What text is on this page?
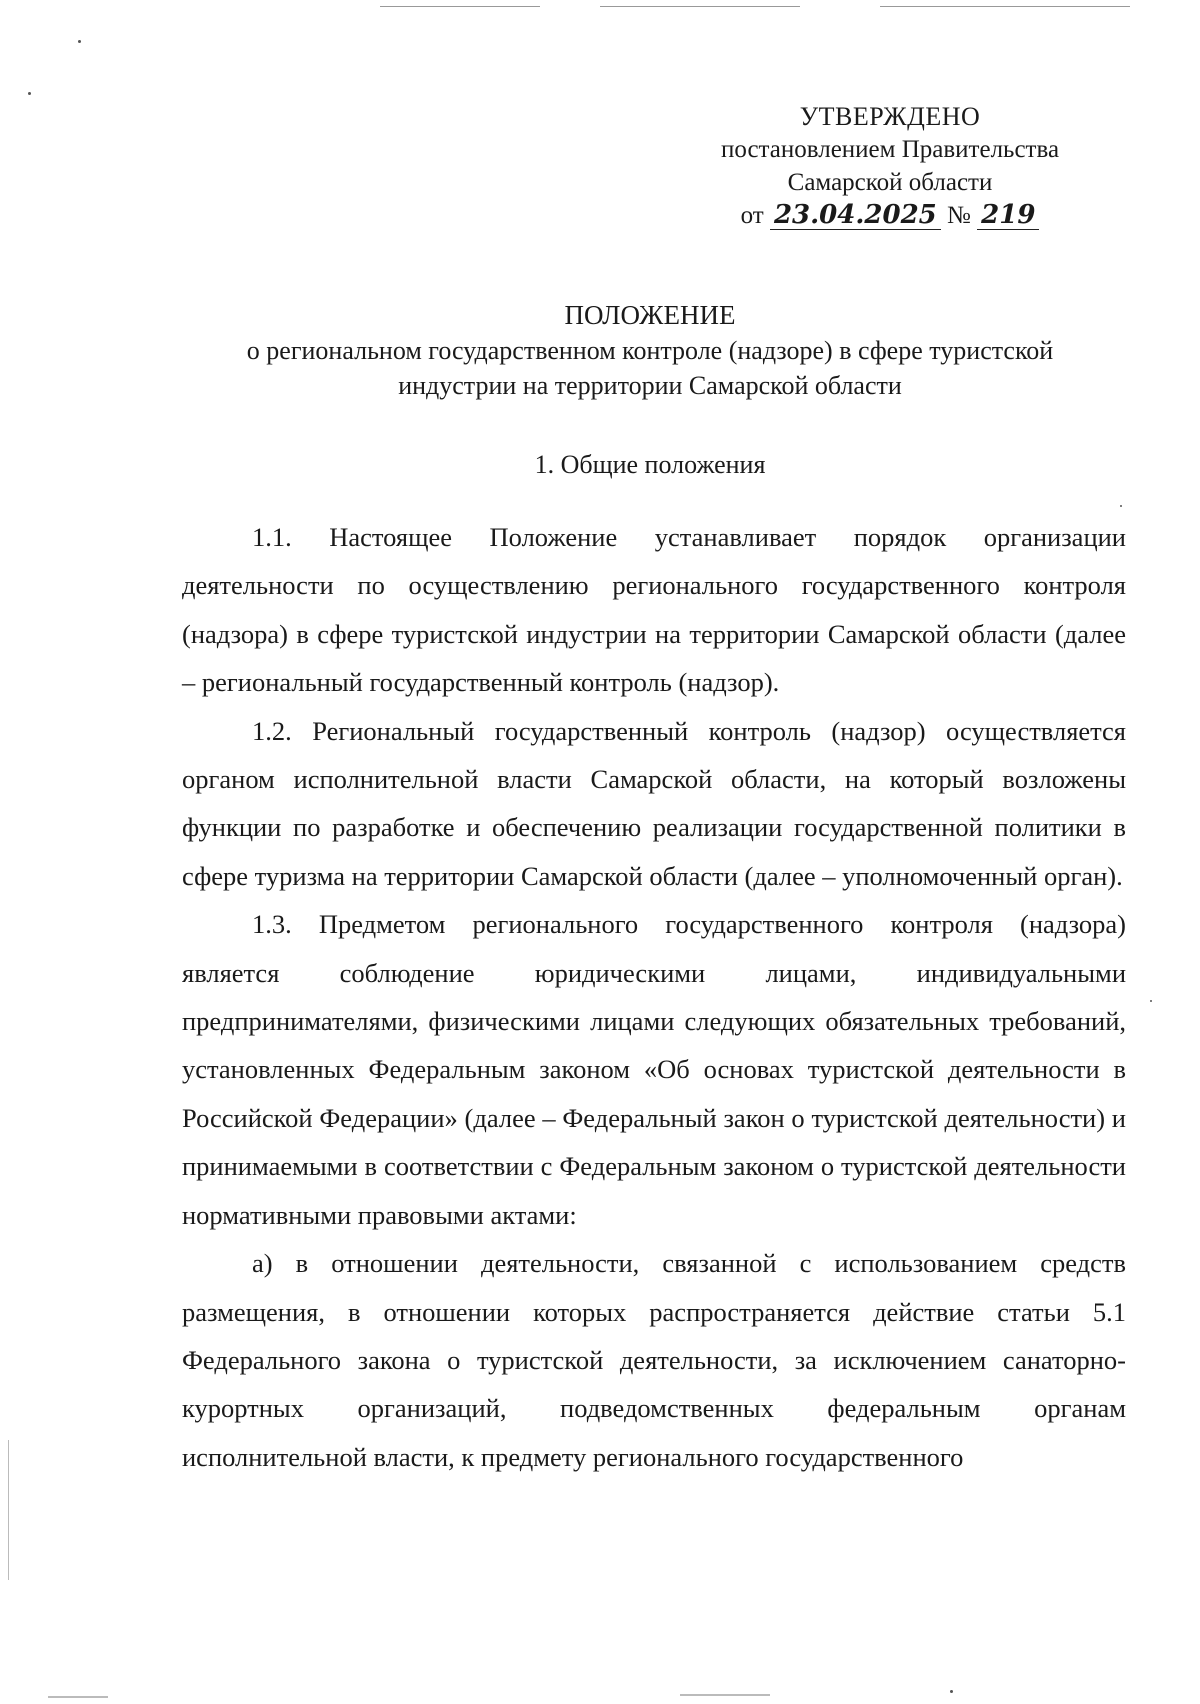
УТВЕРЖДЕНО
постановлением Правительства
Самарской области
от 23.04.2025 № 219
ПОЛОЖЕНИЕ
о региональном государственном контроле (надзоре) в сфере туристской
индустрии на территории Самарской области
1. Общие положения

1.1. Настоящее Положение устанавливает порядок организации деятельности по осуществлению регионального государственного контроля (надзора) в сфере туристской индустрии на территории Самарской области (далее – региональный государственный контроль (надзор).

1.2. Региональный государственный контроль (надзор) осуществляется органом исполнительной власти Самарской области, на который возложены функции по разработке и обеспечению реализации государственной политики в сфере туризма на территории Самарской области (далее – уполномоченный орган).

1.3. Предметом регионального государственного контроля (надзора) является соблюдение юридическими лицами, индивидуальными предпринимателями, физическими лицами следующих обязательных требований, установленных Федеральным законом «Об основах туристской деятельности в Российской Федерации» (далее – Федеральный закон о туристской деятельности) и принимаемыми в соответствии с Федеральным законом о туристской деятельности нормативными правовыми актами:

а) в отношении деятельности, связанной с использованием средств размещения, в отношении которых распространяется действие статьи 5.1 Федерального закона о туристской деятельности, за исключением санаторно-курортных организаций, подведомственных федеральным органам исполнительной власти, к предмету регионального государственного
